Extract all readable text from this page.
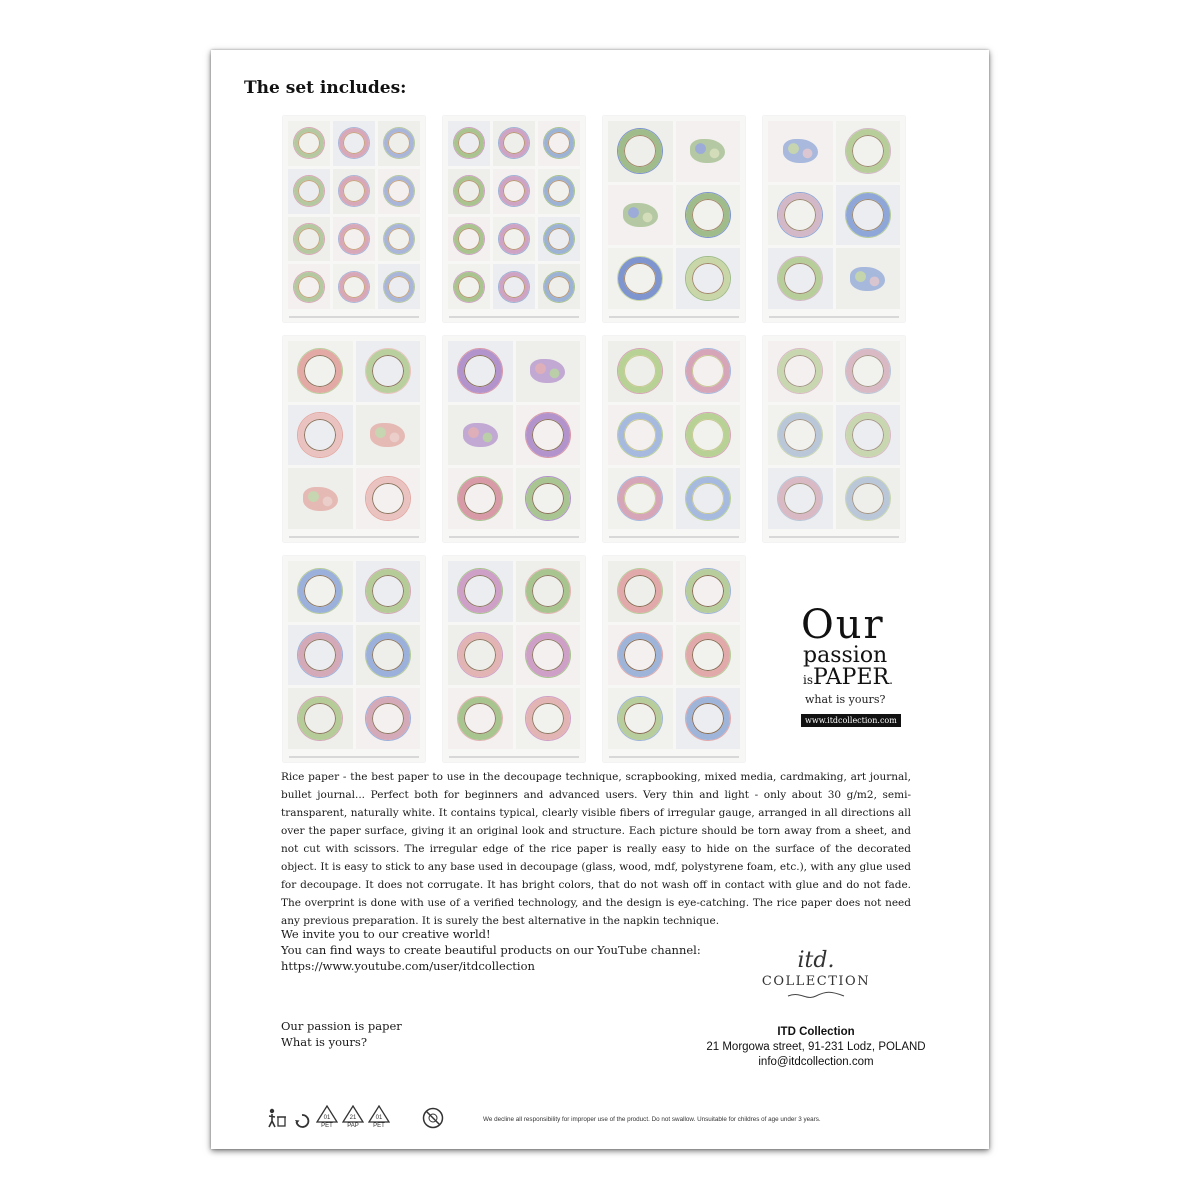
The set includes:
Our
passion
isPAPER.
what is yours?
www.itdcollection.com

Rice paper - the best paper to use in the decoupage technique, scrapbooking, mixed media, cardmaking, art journal, bullet journal... Perfect both for beginners and advanced users. Very thin and light - only about 30 g/m2, semi-transparent, naturally white. It contains typical, clearly visible fibers of irregular gauge, arranged in all directions all over the paper surface, giving it an original look and structure. Each picture should be torn away from a sheet, and not cut with scissors. The irregular edge of the rice paper is really easy to hide on the surface of the decorated object. It is easy to stick to any base used in decoupage (glass, wood, mdf, polystyrene foam, etc.), with any glue used for decoupage. It does not corrugate. It has bright colors, that do not wash off in contact with glue and do not fade. The overprint is done with use of a verified technology, and the design is eye-catching. The rice paper does not need any previous preparation. It is surely the best alternative in the napkin technique.

We invite you to our creative world!
You can find ways to create beautiful products on our YouTube channel:
https://www.youtube.com/user/itdcollection
Our passion is paper
What is yours?
itd.
COLLECTION
ITD Collection
21 Morgowa street, 91-231 Lodz, POLAND
info@itdcollection.com
01
PET
21
PAP
01
PET
We decline all responsibility for improper use of the product. Do not swallow. Unsuitable for childres of age under 3 years.
